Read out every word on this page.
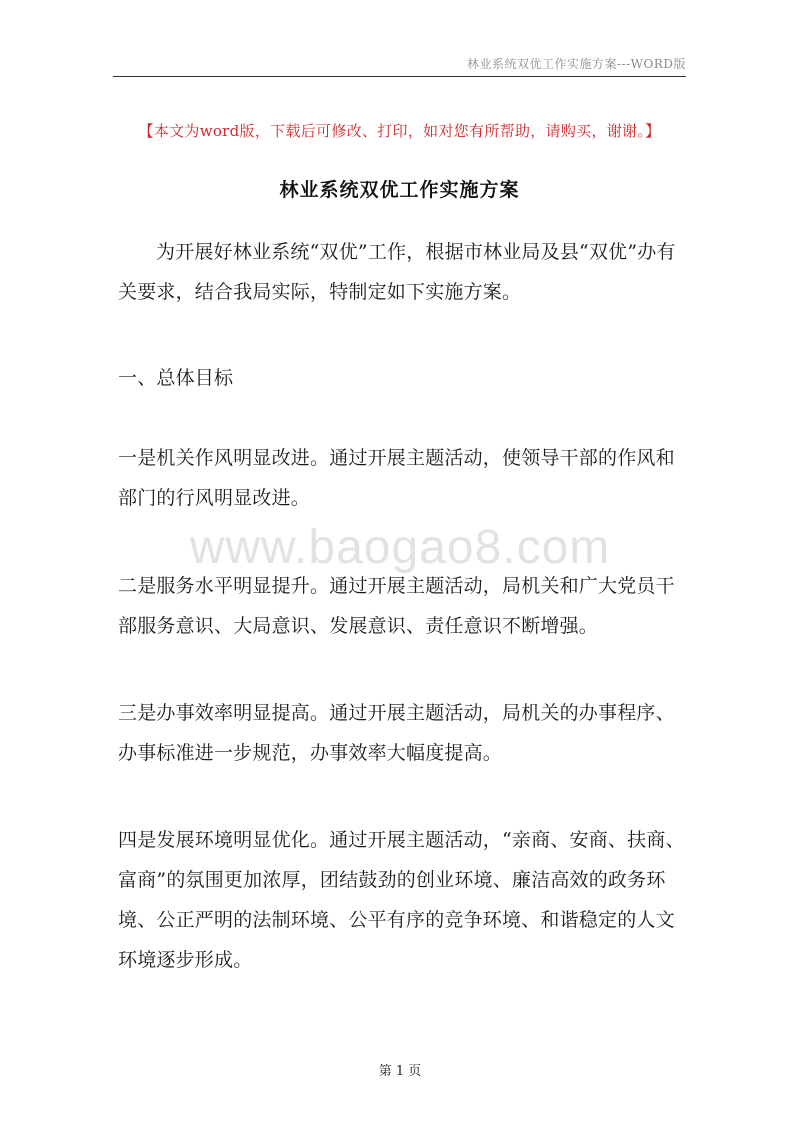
林业系统双优工作实施方案---WORD版
【本文为word版，下载后可修改、打印，如对您有所帮助，请购买，谢谢。】
林业系统双优工作实施方案
为开展好林业系统“双优”工作，根据市林业局及县“双优”办有关要求，结合我局实际，特制定如下实施方案。
一、总体目标
一是机关作风明显改进。通过开展主题活动，使领导干部的作风和部门的行风明显改进。
二是服务水平明显提升。通过开展主题活动，局机关和广大党员干部服务意识、大局意识、发展意识、责任意识不断增强。
三是办事效率明显提高。通过开展主题活动，局机关的办事程序、办事标准进一步规范，办事效率大幅度提高。
四是发展环境明显优化。通过开展主题活动，“亲商、安商、扶商、富商”的氛围更加浓厚，团结鼓劲的创业环境、廉洁高效的政务环境、公正严明的法制环境、公平有序的竞争环境、和谐稳定的人文环境逐步形成。
www.baogao8.com
第 1 页
